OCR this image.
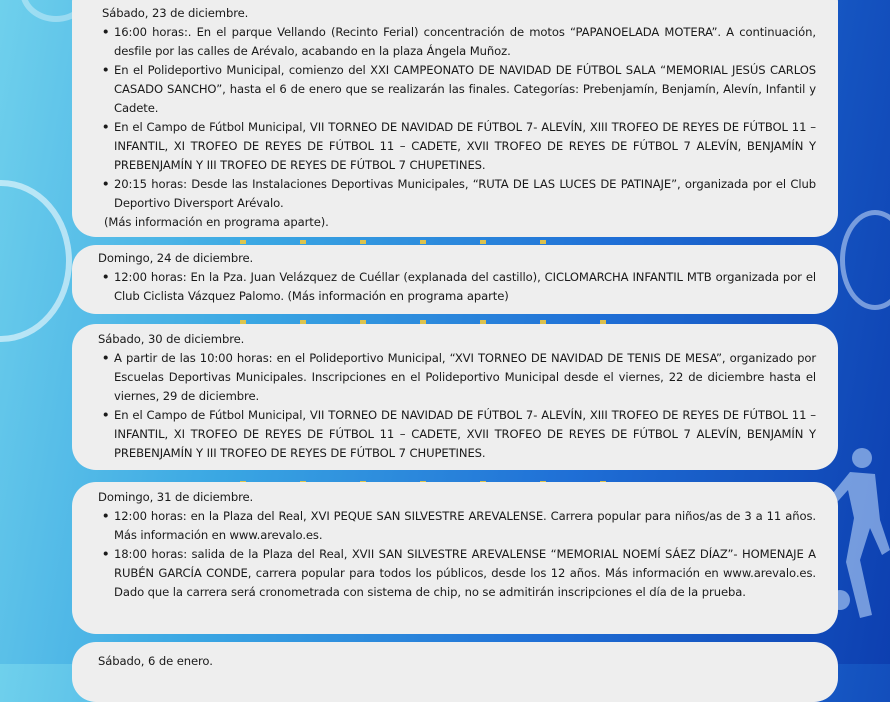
Sábado, 23 de diciembre.
• 16:00 horas:. En el parque Vellando (Recinto Ferial) concentración de motos “PAPANOELADA MOTERA”. A continuación, desfile por las calles de Arévalo, acabando en la plaza Ángela Muñoz.
• En el Polideportivo Municipal, comienzo del XXI CAMPEONATO DE NAVIDAD DE FÚTBOL SALA “MEMORIAL JESÚS CARLOS CASADO SANCHO”, hasta el 6 de enero que se realizarán las finales. Categorías: Prebenjamín, Benjamín, Alevín, Infantil y Cadete.
• En el Campo de Fútbol Municipal, VII TORNEO DE NAVIDAD DE FÚTBOL 7- ALEVÍN, XIII TROFEO DE REYES DE FÚTBOL 11 – INFANTIL, XI TROFEO DE REYES DE FÚTBOL 11 – CADETE, XVII TROFEO DE REYES DE FÚTBOL 7 ALEVÍN, BENJAMÍN Y PREBENJAMÍN Y III TROFEO DE REYES DE FÚTBOL 7 CHUPETINES.
• 20:15 horas: Desde las Instalaciones Deportivas Municipales, “RUTA DE LAS LUCES DE PATINAJE”, organizada por el Club Deportivo Diversport Arévalo.

(Más información en programa aparte).

Domingo, 24 de diciembre.
• 12:00 horas: En la Pza. Juan Velázquez de Cuéllar (explanada del castillo), CICLOMARCHA INFANTIL MTB organizada por el Club Ciclista Vázquez Palomo. (Más información en programa aparte)
Sábado, 30 de diciembre.
• A partir de las 10:00 horas: en el Polideportivo Municipal, “XVI TORNEO DE NAVIDAD DE TENIS DE MESA”, organizado por Escuelas Deportivas Municipales. Inscripciones en el Polideportivo Municipal desde el viernes, 22 de diciembre hasta el viernes, 29 de diciembre.
• En el Campo de Fútbol Municipal, VII TORNEO DE NAVIDAD DE FÚTBOL 7- ALEVÍN, XIII TROFEO DE REYES DE FÚTBOL 11 – INFANTIL, XI TROFEO DE REYES DE FÚTBOL 11 – CADETE, XVII TROFEO DE REYES DE FÚTBOL 7 ALEVÍN, BENJAMÍN Y PREBENJAMÍN Y III TROFEO DE REYES DE FÚTBOL 7 CHUPETINES.
Domingo, 31 de diciembre.
• 12:00 horas: en la Plaza del Real, XVI PEQUE SAN SILVESTRE AREVALENSE. Carrera popular para niños/as de 3 a 11 años. Más información en www.arevalo.es.
• 18:00 horas: salida de la Plaza del Real, XVII SAN SILVESTRE AREVALENSE “MEMORIAL NOEMÍ SÁEZ DÍAZ”- HOMENAJE A RUBÉN GARCÍA CONDE, carrera popular para todos los públicos, desde los 12 años. Más información en www.arevalo.es. Dado que la carrera será cronometrada con sistema de chip, no se admitirán inscripciones el día de la prueba.
Sábado, 6 de enero.
